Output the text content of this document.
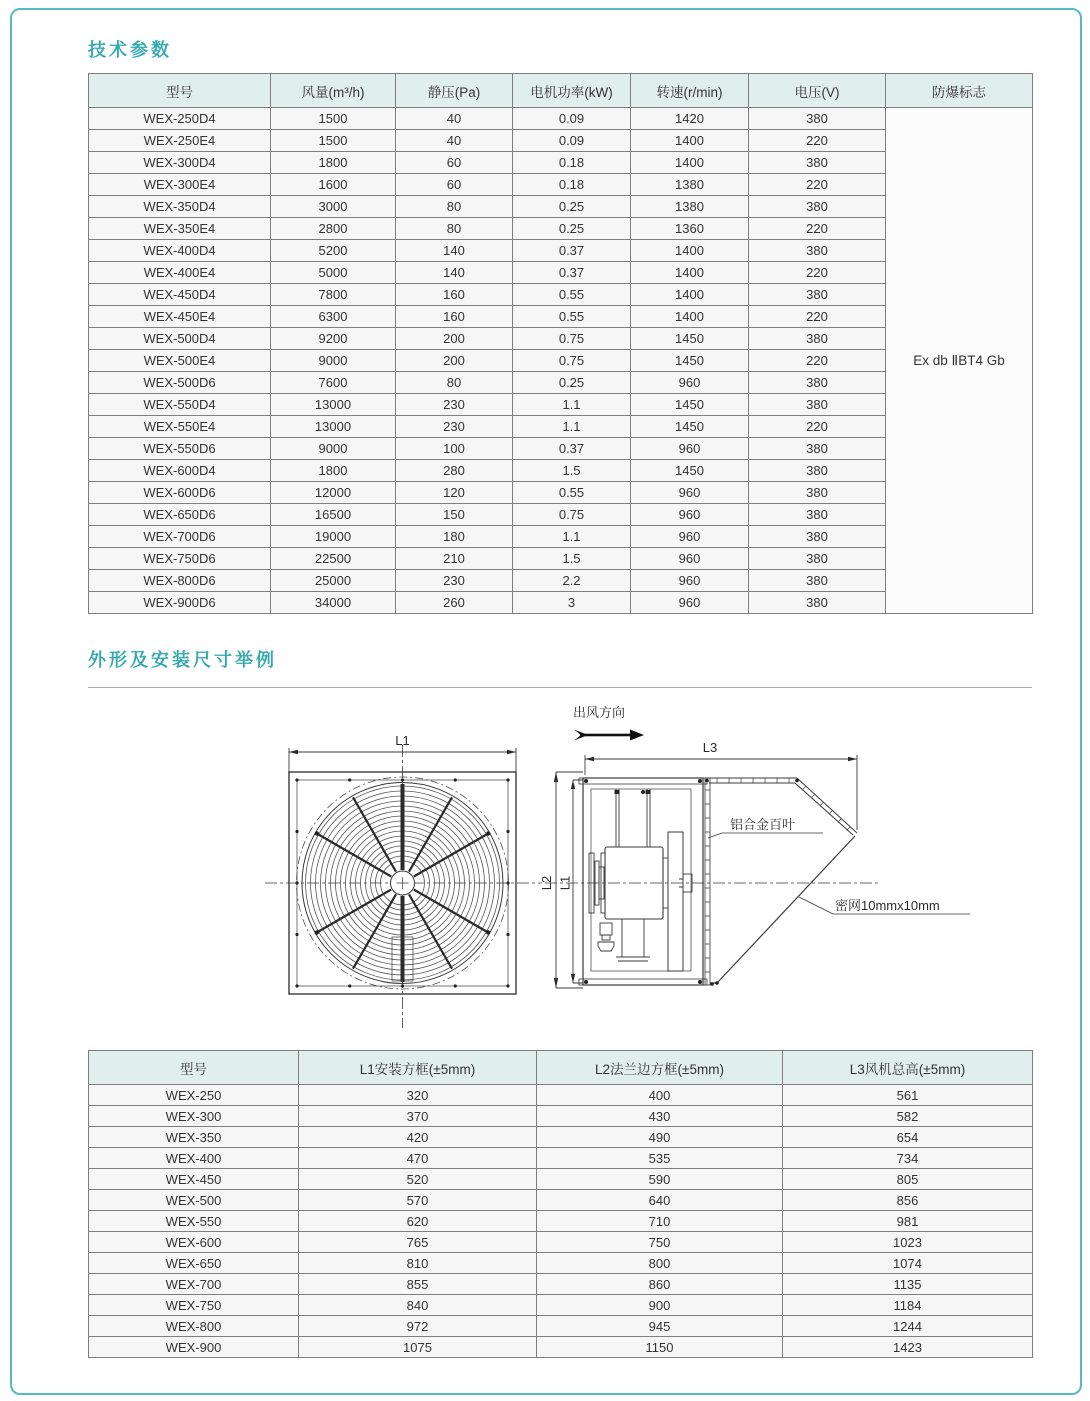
技术参数
型号	风量(m³/h)	静压(Pa)	电机功率(kW)	转速(r/min)	电压(V)	防爆标志
WEX-250D4	1500	40	0.09	1420	380	Ex db ⅡBT4 Gb
WEX-250E4	1500	40	0.09	1400	220	
WEX-300D4	1800	60	0.18	1400	380	
WEX-300E4	1600	60	0.18	1380	220	
WEX-350D4	3000	80	0.25	1380	380	
WEX-350E4	2800	80	0.25	1360	220	
WEX-400D4	5200	140	0.37	1400	380	
WEX-400E4	5000	140	0.37	1400	220	
WEX-450D4	7800	160	0.55	1400	380	
WEX-450E4	6300	160	0.55	1400	220	
WEX-500D4	9200	200	0.75	1450	380	
WEX-500E4	9000	200	0.75	1450	220	
WEX-500D6	7600	80	0.25	960	380	
WEX-550D4	13000	230	1.1	1450	380	
WEX-550E4	13000	230	1.1	1450	220	
WEX-550D6	9000	100	0.37	960	380	
WEX-600D4	1800	280	1.5	1450	380	
WEX-600D6	12000	120	0.55	960	380	
WEX-650D6	16500	150	0.75	960	380	
WEX-700D6	19000	180	1.1	960	380	
WEX-750D6	22500	210	1.5	960	380	
WEX-800D6	25000	230	2.2	960	380	
WEX-900D6	34000	260	3	960	380	
外形及安装尺寸举例
L1
出风方向
L2 L1
L3
铝合金百叶
密网10mmx10mm
型号	L1安装方框(±5mm)	L2法兰边方框(±5mm)	L3风机总高(±5mm)
WEX-250	320	400	561
WEX-300	370	430	582
WEX-350	420	490	654
WEX-400	470	535	734
WEX-450	520	590	805
WEX-500	570	640	856
WEX-550	620	710	981
WEX-600	765	750	1023
WEX-650	810	800	1074
WEX-700	855	860	1135
WEX-750	840	900	1184
WEX-800	972	945	1244
WEX-900	1075	1150	1423
